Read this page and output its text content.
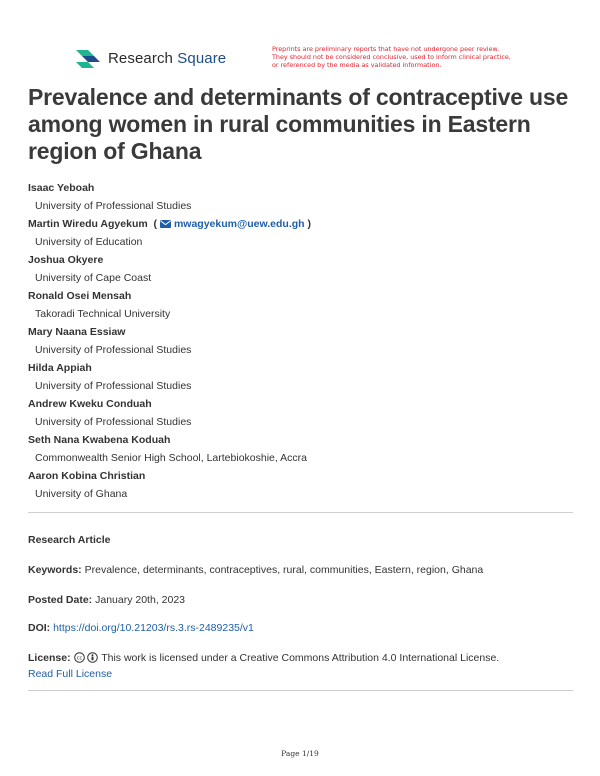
Research Square
Preprints are preliminary reports that have not undergone peer review.
They should not be considered conclusive, used to inform clinical practice,
or referenced by the media as validated information.
Prevalence and determinants of contraceptive use among women in rural communities in Eastern region of Ghana
Isaac Yeboah
University of Professional Studies
Martin Wiredu Agyekum  ( mwagyekum@uew.edu.gh )
University of Education
Joshua Okyere
University of Cape Coast
Ronald Osei Mensah
Takoradi Technical University
Mary Naana Essiaw
University of Professional Studies
Hilda Appiah
University of Professional Studies
Andrew Kweku Conduah
University of Professional Studies
Seth Nana Kwabena Koduah
Commonwealth Senior High School, Lartebiokoshie, Accra
Aaron Kobina Christian
University of Ghana
Research Article
Keywords: Prevalence, determinants, contraceptives, rural, communities, Eastern, region, Ghana
Posted Date: January 20th, 2023
DOI: https://doi.org/10.21203/rs.3.rs-2489235/v1
License: cc This work is licensed under a Creative Commons Attribution 4.0 International License.
Read Full License
Page 1/19
